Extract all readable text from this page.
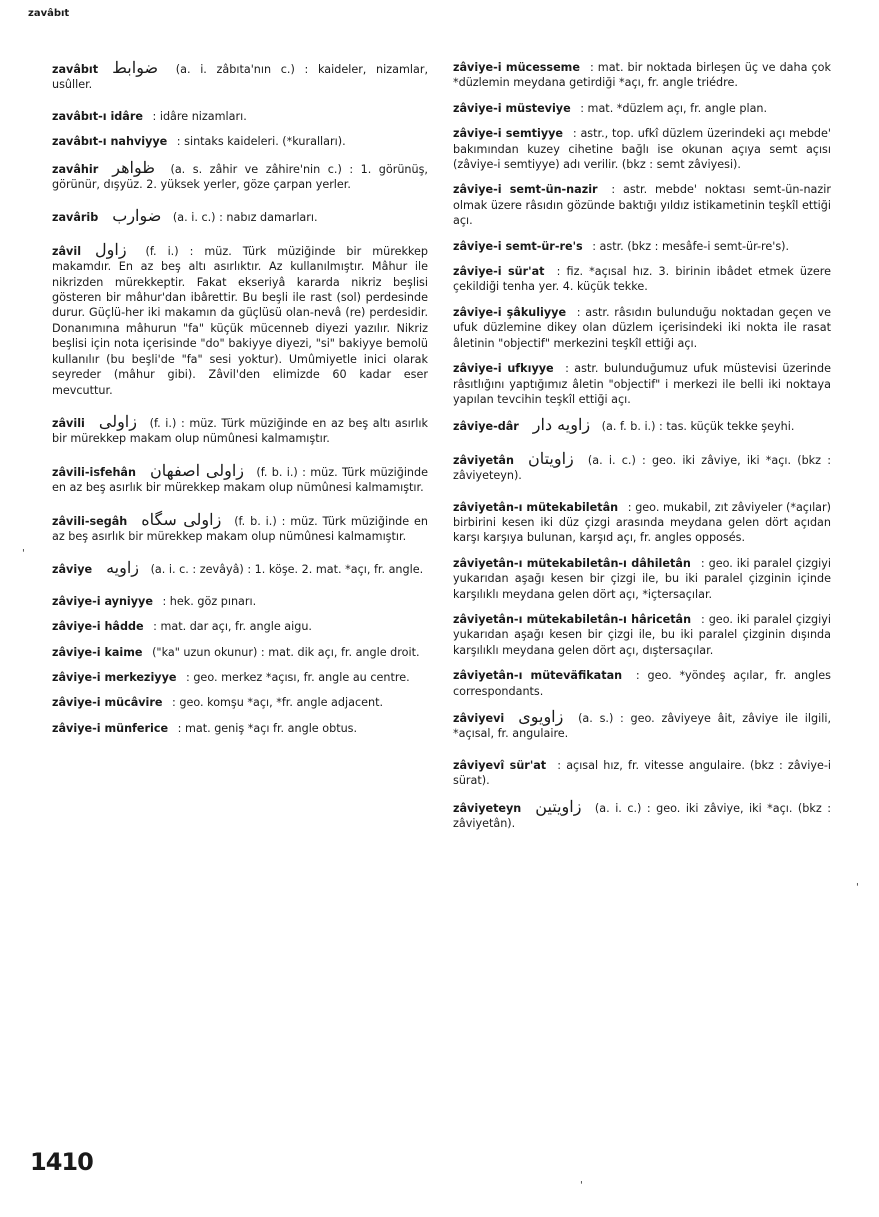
zavâbıt

zavâbıt ضوابط (a. i. zâbıta'nın c.) : kaideler, nizamlar, usûller.

zavâbıt-ı idâre : idâre nizamları.

zavâbıt-ı nahviyye : sintaks kaideleri. (*kuralları).

zavâhir ظواهر (a. s. zâhir ve zâhire'nin c.) : 1. görünüş, görünür, dışyüz. 2. yüksek yerler, göze çarpan yerler.

zavârib ضوارب (a. i. c.) : nabız damarları.

zâvil زاول (f. i.) : müz. Türk müziğinde bir mürekkep makamdır. En az beş altı asırlıktır. Az kullanılmıştır. Mâhur ile nikrizden mürekkeptir. Fakat ekseriyâ kararda nikriz beşlisi gösteren bir mâhur'dan ibârettir. Bu beşli ile rast (sol) perdesinde durur. Güçlü-her iki makamın da güçlüsü olan-nevâ (re) perdesidir. Donanımına mâhurun "fa" küçük mücenneb diyezi yazılır. Nikriz beşlisi için nota içerisinde "do" bakiyye diyezi, "si" bakiyye bemolü kullanılır (bu beşli'de "fa" sesi yoktur). Umûmiyetle inici olarak seyreder (mâhur gibi). Zâvil'den elimizde 60 kadar eser mevcuttur.

zâvili زاولی (f. i.) : müz. Türk müziğinde en az beş altı asırlık bir mürekkep makam olup nümûnesi kalmamıştır.

zâvili-isfehân زاولی اصفهان (f. b. i.) : müz. Türk müziğinde en az beş asırlık bir mürekkep makam olup nümûnesi kalmamıştır.

zâvili-segâh زاولی سگاه (f. b. i.) : müz. Türk müziğinde en az beş asırlık bir mürekkep makam olup nümûnesi kalmamıştır.

zâviye زاویه (a. i. c. : zevâyâ) : 1. köşe. 2. mat. *açı, fr. angle.

zâviye-i ayniyye : hek. göz pınarı.

zâviye-i hâdde : mat. dar açı, fr. angle aigu.

zâviye-i kaime ("ka" uzun okunur) : mat. dik açı, fr. angle droit.

zâviye-i merkeziyye : geo. merkez *açısı, fr. angle au centre.

zâviye-i mücâvire : geo. komşu *açı, *fr. angle adjacent.

zâviye-i münferice : mat. geniş *açı fr. angle obtus.

zâviye-i mücesseme : mat. bir noktada birleşen üç ve daha çok *düzlemin meydana getirdiği *açı, fr. angle triédre.

zâviye-i müsteviye : mat. *düzlem açı, fr. angle plan.

zâviye-i semtiyye : astr., top. ufkî düzlem üzerindeki açı mebde' bakımından kuzey cihetine bağlı ise okunan açıya semt açısı (zâviye-i semtiyye) adı verilir. (bkz : semt zâviyesi).

zâviye-i semt-ün-nazir : astr. mebde' noktası semt-ün-nazir olmak üzere râsıdın gözünde baktığı yıldız istikametinin teşkîl ettiği açı.

zâviye-i semt-ür-re's : astr. (bkz : mesâfe-i semt-ür-re's).

zâviye-i sür'at : fiz. *açısal hız. 3. birinin ibâdet etmek üzere çekildiği tenha yer. 4. küçük tekke.

zâviye-i şâkuliyye : astr. râsıdın bulunduğu noktadan geçen ve ufuk düzlemine dikey olan düzlem içerisindeki iki nokta ile rasat âletinin "objectif" merkezini teşkîl ettiği açı.

zâviye-i ufkıyye : astr. bulunduğumuz ufuk müstevisi üzerinde râsıtlığını yaptığımız âletin "objectif" i merkezi ile belli iki noktaya yapılan tevcihin teşkîl ettiği açı.

zâviye-dâr زاویه دار (a. f. b. i.) : tas. küçük tekke şeyhi.

zâviyetân زاویتان (a. i. c.) : geo. iki zâviye, iki *açı. (bkz : zâviyeteyn).

zâviyetân-ı mütekabiletân : geo. mukabil, zıt zâviyeler (*açılar) birbirini kesen iki düz çizgi arasında meydana gelen dört açıdan karşı karşıya bulunan, karşıd açı, fr. angles opposés.

zâviyetân-ı mütekabiletân-ı dâhiletân : geo. iki paralel çizgiyi yukarıdan aşağı kesen bir çizgi ile, bu iki paralel çizginin içinde karşılıklı meydana gelen dört açı, *içtersaçılar.

zâviyetân-ı mütekabiletân-ı hâricetân : geo. iki paralel çizgiyi yukarıdan aşağı kesen bir çizgi ile, bu iki paralel çizginin dışında karşılıklı meydana gelen dört açı, dıştersaçılar.

zâviyetân-ı müteväfikatan : geo. *yöndeş açılar, fr. angles correspondants.

zâviyevi زاویوی (a. s.) : geo. zâviyeye âit, zâviye ile ilgili, *açısal, fr. angulaire.

zâviyevî sür'at : açısal hız, fr. vitesse angulaire. (bkz : zâviye-i sürat).

zâviyeteyn زاویتین (a. i. c.) : geo. iki zâviye, iki *açı. (bkz : zâviyetân).

1410
'
'
'
